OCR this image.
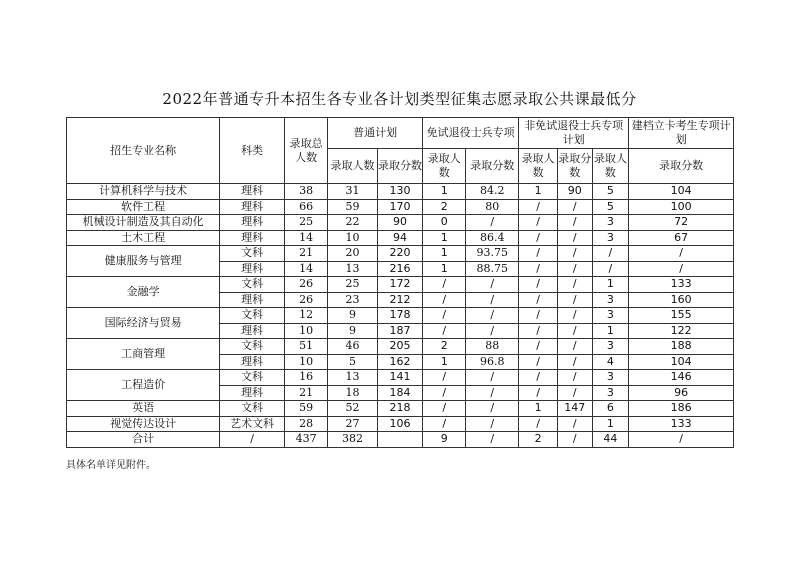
2022年普通专升本招生各专业各计划类型征集志愿录取公共课最低分
招生专业名称	科类	录取总人数	普通计划		免试退役士兵专项		非免试退役士兵专项计划			建档立卡考生专项计划
			录取人数	录取分数	录取人数	录取分数	录取人数	录取分数	录取人数	录取分数
计算机科学与技术	理科	38	31	130	1	84.2	1	90	5	104
软件工程	理科	66	59	170	2	80	/	/	5	100
机械设计制造及其自动化	理科	25	22	90	0	/	/	/	3	72
土木工程	理科	14	10	94	1	86.4	/	/	3	67
健康服务与管理	文科	21	20	220	1	93.75	/	/	/	/
	理科	14	13	216	1	88.75	/	/	/	/
金融学	文科	26	25	172	/	/	/	/	1	133
	理科	26	23	212	/	/	/	/	3	160
国际经济与贸易	文科	12	9	178	/	/	/	/	3	155
	理科	10	9	187	/	/	/	/	1	122
工商管理	文科	51	46	205	2	88	/	/	3	188
	理科	10	5	162	1	96.8	/	/	4	104
工程造价	文科	16	13	141	/	/	/	/	3	146
	理科	21	18	184	/	/	/	/	3	96
英语	文科	59	52	218	/	/	1	147	6	186
视觉传达设计	艺术文科	28	27	106	/	/	/	/	1	133
合计	/	437	382		9	/	2	/	44	/
具体名单详见附件。
